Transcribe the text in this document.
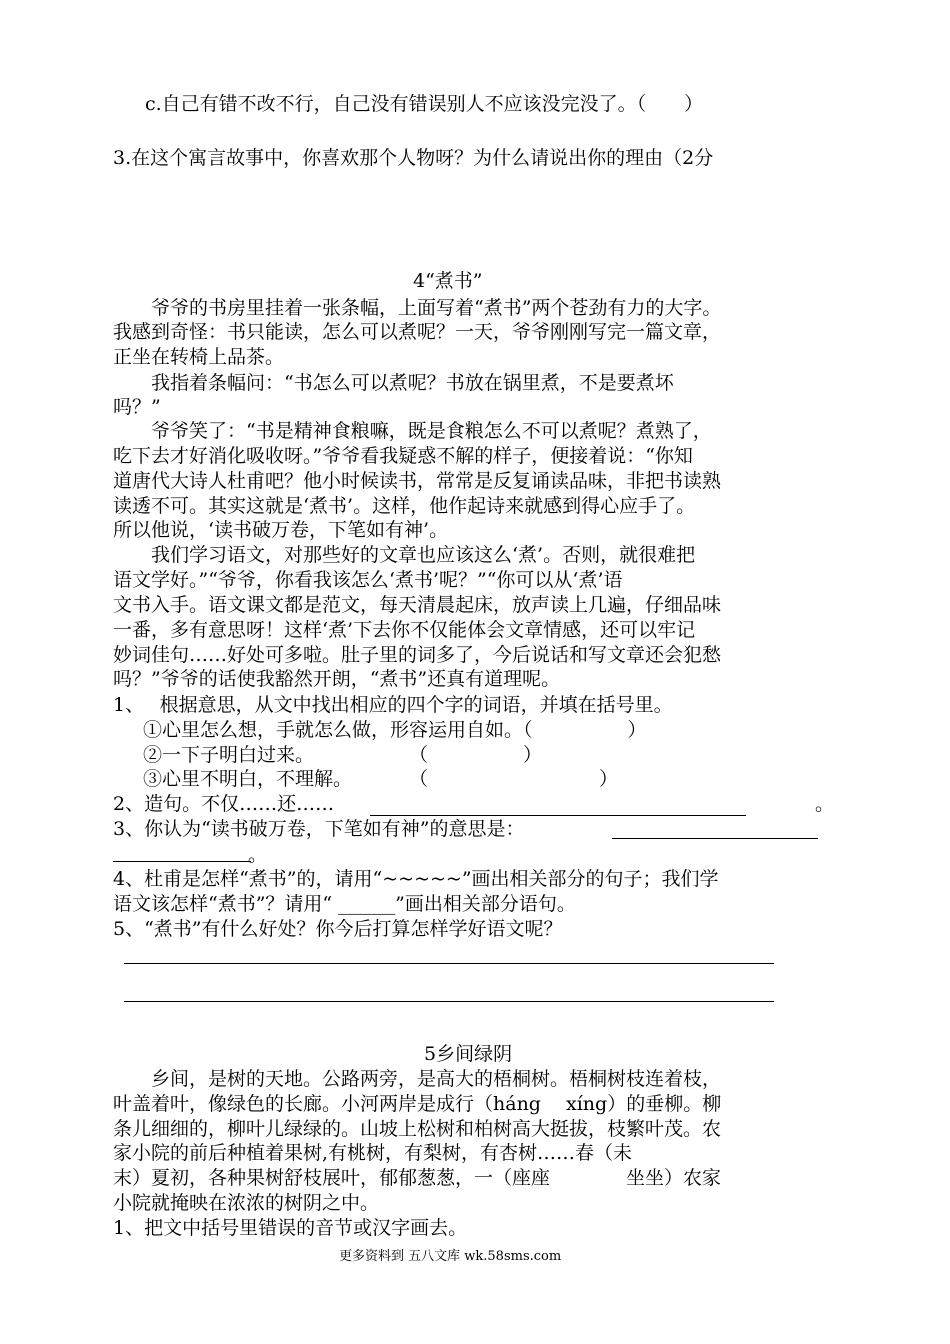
c.自己有错不改不行，自己没有错误别人不应该没完没了。（　　）
3.在这个寓言故事中，你喜欢那个人物呀？为什么请说出你的理由（2分
4“煮书”
　　爷爷的书房里挂着一张条幅，上面写着“煮书”两个苍劲有力的大字。
我感到奇怪：书只能读，怎么可以煮呢？一天，爷爷刚刚写完一篇文章，
正坐在转椅上品茶。
　　我指着条幅问：“书怎么可以煮呢？书放在锅里煮，不是要煮坏
吗？”
　　爷爷笑了：“书是精神食粮嘛，既是食粮怎么不可以煮呢？煮熟了，
吃下去才好消化吸收呀。”爷爷看我疑惑不解的样子，便接着说：“你知
道唐代大诗人杜甫吧？他小时候读书，常常是反复诵读品味，非把书读熟
读透不可。其实这就是‘煮书’。这样，他作起诗来就感到得心应手了。
所以他说，‘读书破万卷，下笔如有神’。
　　我们学习语文，对那些好的文章也应该这么‘煮’。否则，就很难把
语文学好。”“爷爷，你看我该怎么‘煮书’呢？”“你可以从‘煮’语
文书入手。语文课文都是范文，每天清晨起床，放声读上几遍，仔细品味
一番，多有意思呀！这样‘煮’下去你不仅能体会文章情感，还可以牢记
妙词佳句……好处可多啦。肚子里的词多了，今后说话和写文章还会犯愁
吗？”爷爷的话使我豁然开朗，“煮书”还真有道理呢。
1、　 根据意思，从文中找出相应的四个字的词语，并填在括号里。
①心里怎么想，手就怎么做，形容运用自如。（　　　　　）
②一下子明白过来。　　　　　　（　　　　　）
③心里不明白，不理解。　　　　（　　　　　　　　　）
2、造句。不仅……还……	。
3、你认为“读书破万卷，下笔如有神”的意思是：
。
4、杜甫是怎样“煮书”的，请用“~~~~~”画出相关部分的句子；我们学
语文该怎样“煮书”？请用“ ______”画出相关部分语句。
5、“煮书”有什么好处？你今后打算怎样学好语文呢？
5乡间绿阴
　　乡间，是树的天地。公路两旁，是高大的梧桐树。梧桐树枝连着枝，
叶盖着叶，像绿色的长廊。小河两岸是成行（háng　 xíng）的垂柳。柳
条儿细细的，柳叶儿绿绿的。山坡上松树和柏树高大挺拔，枝繁叶茂。农
家小院的前后种植着果树,有桃树，有梨树，有杏树……春（未
末）夏初，各种果树舒枝展叶，郁郁葱葱，一（座座　　　　坐坐）农家
小院就掩映在浓浓的树阴之中。
1、把文中括号里错误的音节或汉字画去。
更多资料到 五八文库 wk.58sms.com
